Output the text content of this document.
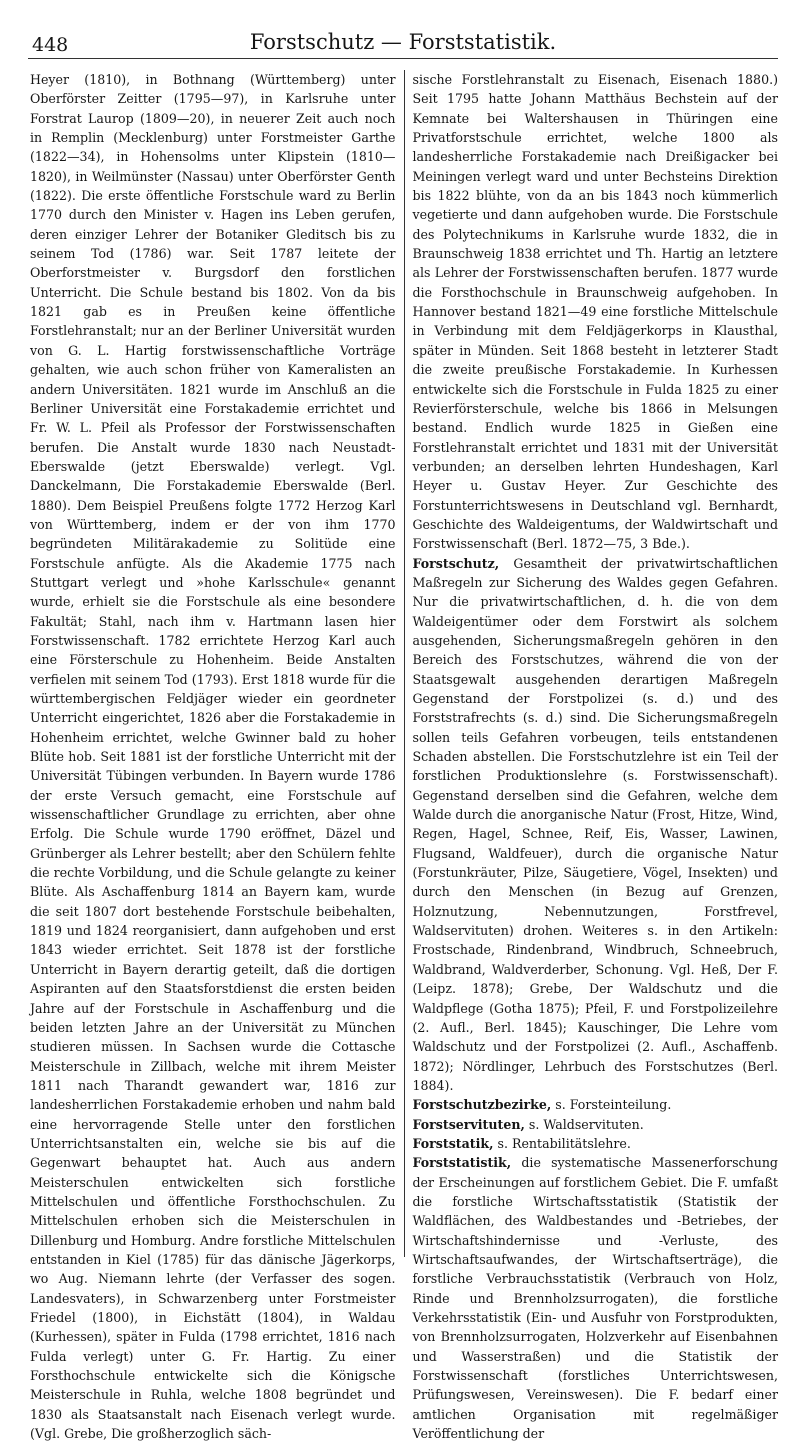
448	Forstschutz — Forststatistik.

Heyer (1810), in Bothnang (Württemberg) unter Oberförster Zeitter (1795—97), in Karlsruhe unter Forstrat Laurop (1809—20), in neuerer Zeit auch noch in Remplin (Mecklenburg) unter Forstmeister Garthe (1822—34), in Hohensolms unter Klipstein (1810—1820), in Weilmünster (Nassau) unter Oberförster Genth (1822). Die erste öffentliche Forstschule ward zu Berlin 1770 durch den Minister v. Hagen ins Leben gerufen, deren einziger Lehrer der Botaniker Gleditsch bis zu seinem Tod (1786) war. Seit 1787 leitete der Oberforstmeister v. Burgsdorf den forstlichen Unterricht. Die Schule bestand bis 1802. Von da bis 1821 gab es in Preußen keine öffentliche Forstlehranstalt; nur an der Berliner Universität wurden von G. L. Hartig forstwissenschaftliche Vorträge gehalten, wie auch schon früher von Kameralisten an andern Universitäten. 1821 wurde im Anschluß an die Berliner Universität eine Forstakademie errichtet und Fr. W. L. Pfeil als Professor der Forstwissenschaften berufen. Die Anstalt wurde 1830 nach Neustadt-Eberswalde (jetzt Eberswalde) verlegt. Vgl. Danckelmann, Die Forstakademie Eberswalde (Berl. 1880). Dem Beispiel Preußens folgte 1772 Herzog Karl von Württemberg, indem er der von ihm 1770 begründeten Militärakademie zu Solitüde eine Forstschule anfügte. Als die Akademie 1775 nach Stuttgart verlegt und »hohe Karlsschule« genannt wurde, erhielt sie die Forstschule als eine besondere Fakultät; Stahl, nach ihm v. Hartmann lasen hier Forstwissenschaft. 1782 errichtete Herzog Karl auch eine Försterschule zu Hohenheim. Beide Anstalten verfielen mit seinem Tod (1793). Erst 1818 wurde für die württembergischen Feldjäger wieder ein geordneter Unterricht eingerichtet, 1826 aber die Forstakademie in Hohenheim errichtet, welche Gwinner bald zu hoher Blüte hob. Seit 1881 ist der forstliche Unterricht mit der Universität Tübingen verbunden. In Bayern wurde 1786 der erste Versuch gemacht, eine Forstschule auf wissenschaftlicher Grundlage zu errichten, aber ohne Erfolg. Die Schule wurde 1790 eröffnet, Däzel und Grünberger als Lehrer bestellt; aber den Schülern fehlte die rechte Vorbildung, und die Schule gelangte zu keiner Blüte. Als Aschaffenburg 1814 an Bayern kam, wurde die seit 1807 dort bestehende Forstschule beibehalten, 1819 und 1824 reorganisiert, dann aufgehoben und erst 1843 wieder errichtet. Seit 1878 ist der forstliche Unterricht in Bayern derartig geteilt, daß die dortigen Aspiranten auf den Staatsforstdienst die ersten beiden Jahre auf der Forstschule in Aschaffenburg und die beiden letzten Jahre an der Universität zu München studieren müssen. In Sachsen wurde die Cottasche Meisterschule in Zillbach, welche mit ihrem Meister 1811 nach Tharandt gewandert war, 1816 zur landesherrlichen Forstakademie erhoben und nahm bald eine hervorragende Stelle unter den forstlichen Unterrichtsanstalten ein, welche sie bis auf die Gegenwart behauptet hat. Auch aus andern Meisterschulen entwickelten sich forstliche Mittelschulen und öffentliche Forsthochschulen. Zu Mittelschulen erhoben sich die Meisterschulen in Dillenburg und Homburg. Andre forstliche Mittelschulen entstanden in Kiel (1785) für das dänische Jägerkorps, wo Aug. Niemann lehrte (der Verfasser des sogen. Landesvaters), in Schwarzenberg unter Forstmeister Friedel (1800), in Eichstätt (1804), in Waldau (Kurhessen), später in Fulda (1798 errichtet, 1816 nach Fulda verlegt) unter G. Fr. Hartig. Zu einer Forsthochschule entwickelte sich die Königsche Meisterschule in Ruhla, welche 1808 begründet und 1830 als Staatsanstalt nach Eisenach verlegt wurde. (Vgl. Grebe, Die großherzoglich säch-

sische Forstlehranstalt zu Eisenach, Eisenach 1880.) Seit 1795 hatte Johann Matthäus Bechstein auf der Kemnate bei Waltershausen in Thüringen eine Privatforstschule errichtet, welche 1800 als landesherrliche Forstakademie nach Dreißigacker bei Meiningen verlegt ward und unter Bechsteins Direktion bis 1822 blühte, von da an bis 1843 noch kümmerlich vegetierte und dann aufgehoben wurde. Die Forstschule des Polytechnikums in Karlsruhe wurde 1832, die in Braunschweig 1838 errichtet und Th. Hartig an letztere als Lehrer der Forstwissenschaften berufen. 1877 wurde die Forsthochschule in Braunschweig aufgehoben. In Hannover bestand 1821—49 eine forstliche Mittelschule in Verbindung mit dem Feldjägerkorps in Klausthal, später in Münden. Seit 1868 besteht in letzterer Stadt die zweite preußische Forstakademie. In Kurhessen entwickelte sich die Forstschule in Fulda 1825 zu einer Revierförsterschule, welche bis 1866 in Melsungen bestand. Endlich wurde 1825 in Gießen eine Forstlehranstalt errichtet und 1831 mit der Universität verbunden; an derselben lehrten Hundeshagen, Karl Heyer u. Gustav Heyer. Zur Geschichte des Forstunterrichtswesens in Deutschland vgl. Bernhardt, Geschichte des Waldeigentums, der Waldwirtschaft und Forstwissenschaft (Berl. 1872—75, 3 Bde.).

Forstschutz, Gesamtheit der privatwirtschaftlichen Maßregeln zur Sicherung des Waldes gegen Gefahren. Nur die privatwirtschaftlichen, d. h. die von dem Waldeigentümer oder dem Forstwirt als solchem ausgehenden, Sicherungsmaßregeln gehören in den Bereich des Forstschutzes, während die von der Staatsgewalt ausgehenden derartigen Maßregeln Gegenstand der Forstpolizei (s. d.) und des Forststrafrechts (s. d.) sind. Die Sicherungsmaßregeln sollen teils Gefahren vorbeugen, teils entstandenen Schaden abstellen. Die Forstschutzlehre ist ein Teil der forstlichen Produktionslehre (s. Forstwissenschaft). Gegenstand derselben sind die Gefahren, welche dem Walde durch die anorganische Natur (Frost, Hitze, Wind, Regen, Hagel, Schnee, Reif, Eis, Wasser, Lawinen, Flugsand, Waldfeuer), durch die organische Natur (Forstunkräuter, Pilze, Säugetiere, Vögel, Insekten) und durch den Menschen (in Bezug auf Grenzen, Holznutzung, Nebennutzungen, Forstfrevel, Waldservituten) drohen. Weiteres s. in den Artikeln: Frostschade, Rindenbrand, Windbruch, Schneebruch, Waldbrand, Waldverderber, Schonung. Vgl. Heß, Der F. (Leipz. 1878); Grebe, Der Waldschutz und die Waldpflege (Gotha 1875); Pfeil, F. und Forstpolizeilehre (2. Aufl., Berl. 1845); Kauschinger, Die Lehre vom Waldschutz und der Forstpolizei (2. Aufl., Aschaffenb. 1872); Nördlinger, Lehrbuch des Forstschutzes (Berl. 1884).

Forstschutzbezirke, s. Forsteinteilung.

Forstservituten, s. Waldservituten.

Forststatik, s. Rentabilitätslehre.

Forststatistik, die systematische Massenerforschung der Erscheinungen auf forstlichem Gebiet. Die F. umfaßt die forstliche Wirtschaftsstatistik (Statistik der Waldflächen, des Waldbestandes und -Betriebes, der Wirtschaftshindernisse und -Verluste, des Wirtschaftsaufwandes, der Wirtschaftserträge), die forstliche Verbrauchsstatistik (Verbrauch von Holz, Rinde und Brennholzsurrogaten), die forstliche Verkehrsstatistik (Ein- und Ausfuhr von Forstprodukten, von Brennholzsurrogaten, Holzverkehr auf Eisenbahnen und Wasserstraßen) und die Statistik der Forstwissenschaft (forstliches Unterrichtswesen, Prüfungswesen, Vereinswesen). Die F. bedarf einer amtlichen Organisation mit regelmäßiger Veröffentlichung der
